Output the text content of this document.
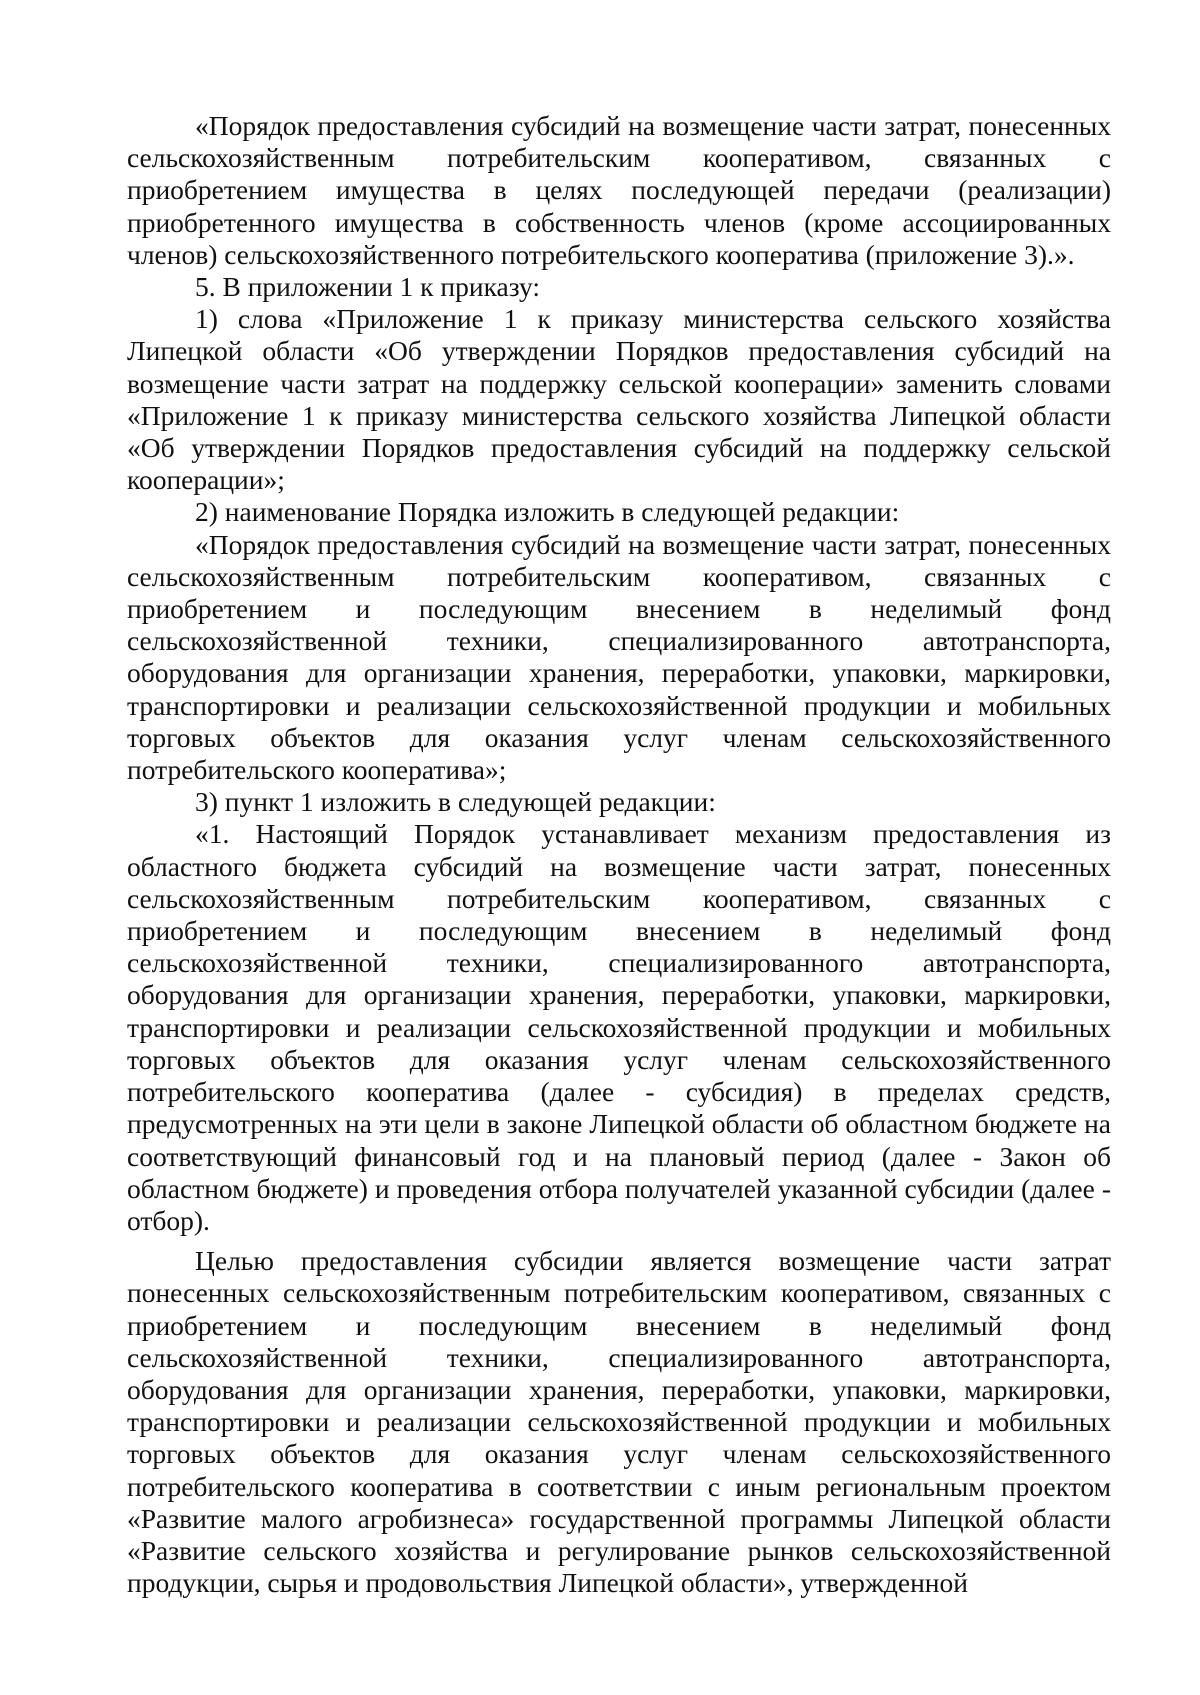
«Порядок предоставления субсидий на возмещение части затрат, понесенных сельскохозяйственным потребительским кооперативом, связанных с приобретением имущества в целях последующей передачи (реализации) приобретенного имущества в собственность членов (кроме ассоциированных членов) сельскохозяйственного потребительского кооператива (приложение 3).».

5. В приложении 1 к приказу:

1) слова «Приложение 1 к приказу министерства сельского хозяйства Липецкой области «Об утверждении Порядков предоставления субсидий на возмещение части затрат на поддержку сельской кооперации» заменить словами «Приложение 1 к приказу министерства сельского хозяйства Липецкой области «Об утверждении Порядков предоставления субсидий на поддержку сельской кооперации»;

2) наименование Порядка изложить в следующей редакции:

«Порядок предоставления субсидий на возмещение части затрат, понесенных сельскохозяйственным потребительским кооперативом, связанных с приобретением и последующим внесением в неделимый фонд сельскохозяйственной техники, специализированного автотранспорта, оборудования для организации хранения, переработки, упаковки, маркировки, транспортировки и реализации сельскохозяйственной продукции и мобильных торговых объектов для оказания услуг членам сельскохозяйственного потребительского кооператива»;

3) пункт 1 изложить в следующей редакции:

«1. Настоящий Порядок устанавливает механизм предоставления из областного бюджета субсидий на возмещение части затрат, понесенных сельскохозяйственным потребительским кооперативом, связанных с приобретением и последующим внесением в неделимый фонд сельскохозяйственной техники, специализированного автотранспорта, оборудования для организации хранения, переработки, упаковки, маркировки, транспортировки и реализации сельскохозяйственной продукции и мобильных торговых объектов для оказания услуг членам сельскохозяйственного потребительского кооператива (далее - субсидия) в пределах средств, предусмотренных на эти цели в законе Липецкой области об областном бюджете на соответствующий финансовый год и на плановый период (далее - Закон об областном бюджете) и проведения отбора получателей указанной субсидии (далее - отбор).

Целью предоставления субсидии является возмещение части затрат понесенных сельскохозяйственным потребительским кооперативом, связанных с приобретением и последующим внесением в неделимый фонд сельскохозяйственной техники, специализированного автотранспорта, оборудования для организации хранения, переработки, упаковки, маркировки, транспортировки и реализации сельскохозяйственной продукции и мобильных торговых объектов для оказания услуг членам сельскохозяйственного потребительского кооператива в соответствии с иным региональным проектом «Развитие малого агробизнеса» государственной программы Липецкой области «Развитие сельского хозяйства и регулирование рынков сельскохозяйственной продукции, сырья и продовольствия Липецкой области», утвержденной
